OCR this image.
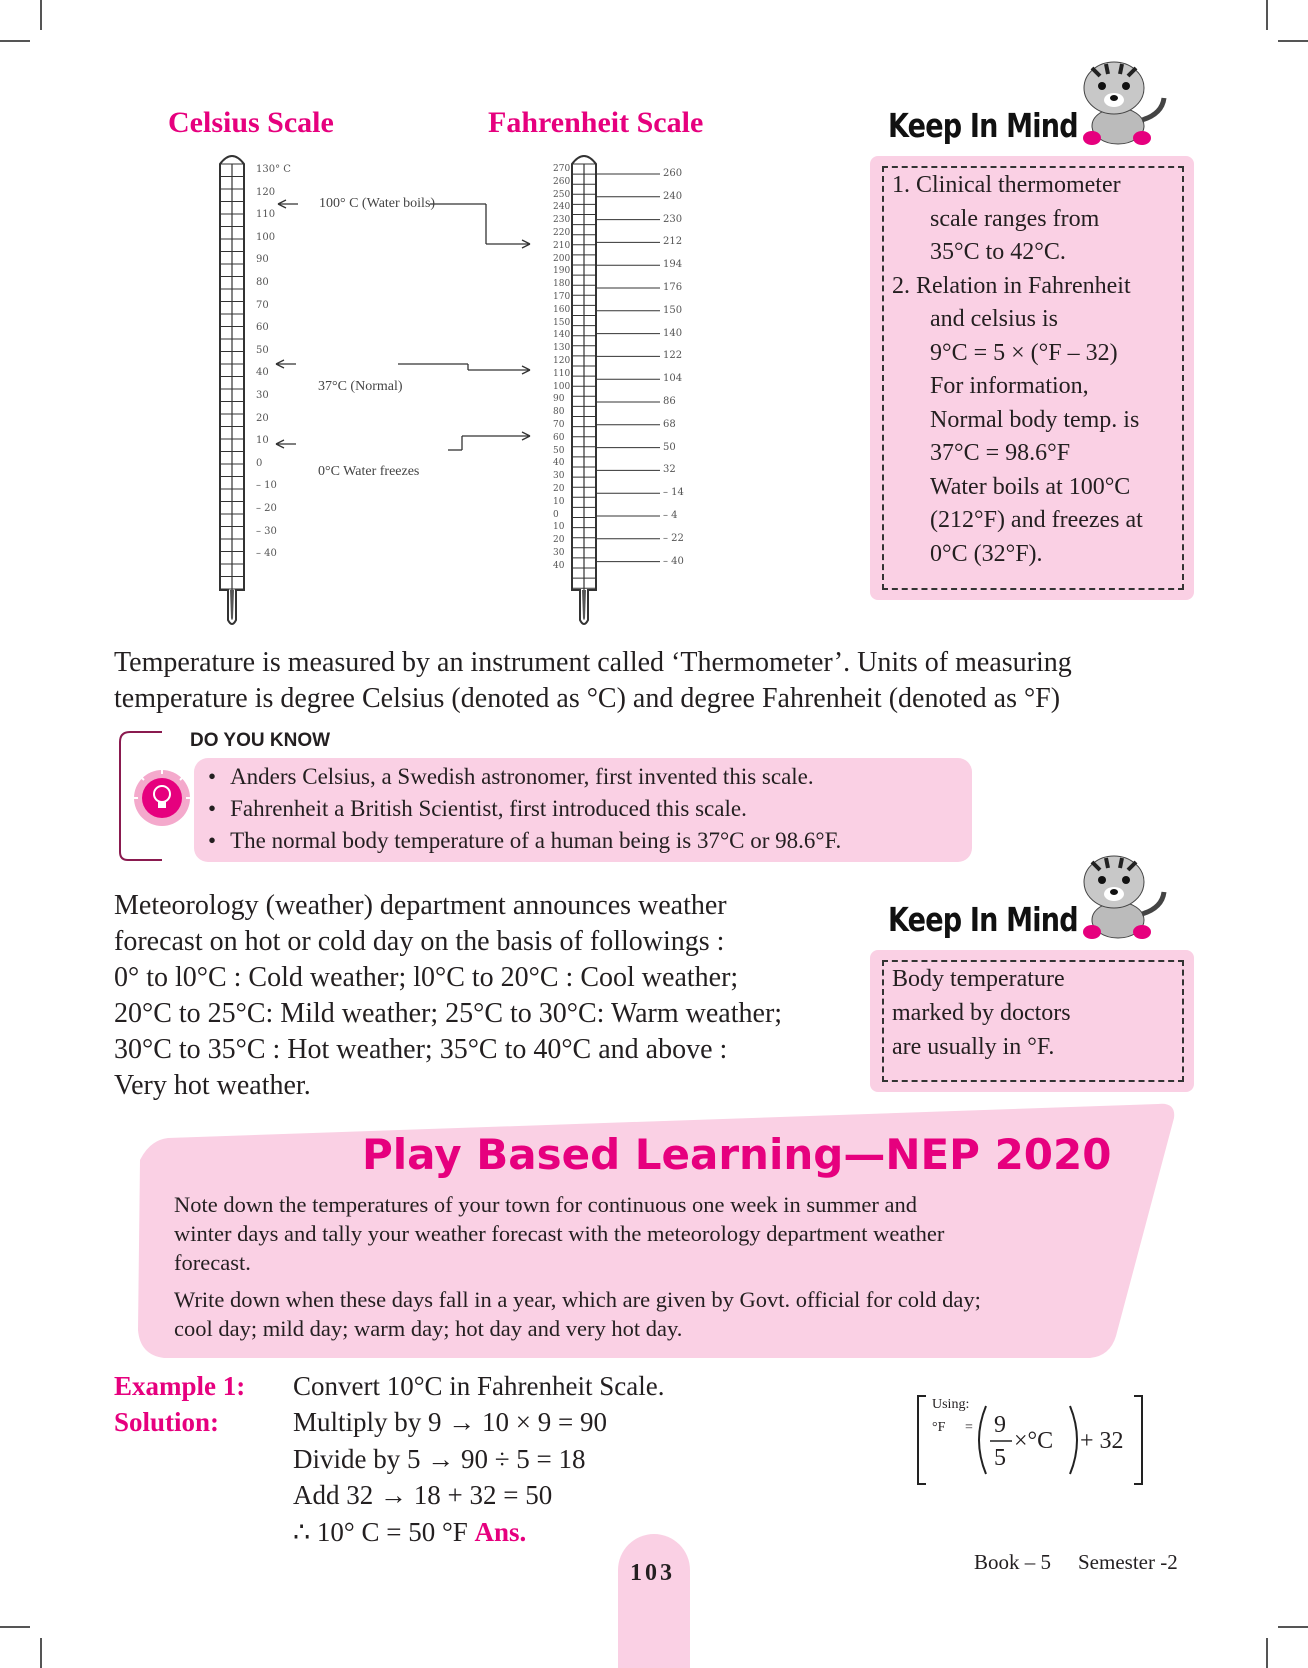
Celsius Scale	Fahrenheit Scale
130° C
120
110
100
90
80
70
60
50
40
30
20
10
0
– 10
– 20
– 30
– 40
270
260
250
240
230
220
210
200
190
180
170
160
150
140
130
120
110
100
90
80
70
60
50
40
30
20
10
0
10
20
30
40
260
240
230
212
194
176
150
140
122
104
86
68
50
32
– 14
– 4
– 22
– 40
100° C (Water boils)
37°C (Normal)
0°C Water freezes
Keep In Mind
1. Clinical thermometer
scale ranges from
35°C to 42°C.
2. Relation in Fahrenheit
and celsius is
9°C = 5 × (°F – 32)
For information,
Normal body temp. is
37°C = 98.6°F
Water boils at 100°C
(212°F) and freezes at
0°C (32°F).
Temperature is measured by an instrument called ‘Thermometer’. Units of measuring
temperature is degree Celsius (denoted as °C) and degree Fahrenheit (denoted as °F)
DO YOU KNOW
• Anders Celsius, a Swedish astronomer, first invented this scale.
• Fahrenheit a British Scientist, first introduced this scale.
• The normal body temperature of a human being is 37°C or 98.6°F.
Meteorology (weather) department announces weather
forecast on hot or cold day on the basis of followings :
0° to l0°C : Cold weather; l0°C to 20°C : Cool weather;
20°C to 25°C: Mild weather; 25°C to 30°C: Warm weather;
30°C to 35°C : Hot weather; 35°C to 40°C and above :
Very hot weather.
Keep In Mind
Body temperature
marked by doctors
are usually in °F.
Play Based Learning—NEP 2020
Note down the temperatures of your town for continuous one week in summer and
winter days and tally your weather forecast with the meteorology department weather
forecast.
Write down when these days fall in a year, which are given by Govt. official for cold day;
cool day; mild day; warm day; hot day and very hot day.
Example 1:
Solution:
Convert 10°C in Fahrenheit Scale.
Multiply by 9 → 10 × 9 = 90
Divide by 5 → 90 ÷ 5 = 18
Add 32 → 18 + 32 = 50
∴ 10° C = 50 °F Ans.
Using:
°F = 9
5
×°C + 32
103	Book – 5 Semester -2
